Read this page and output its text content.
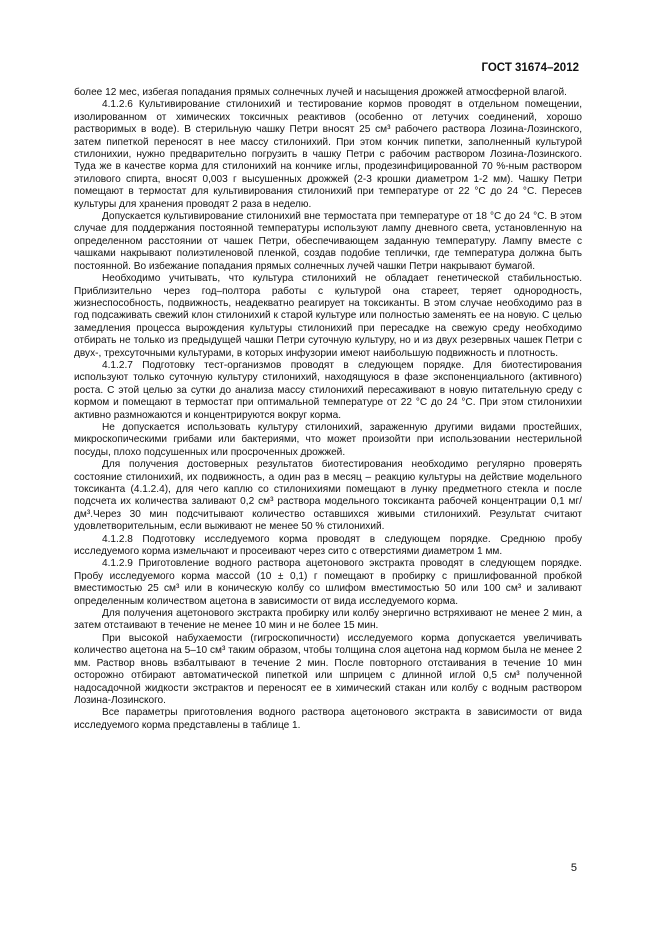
ГОСТ 31674–2012

более 12 мес, избегая попадания прямых солнечных лучей и насыщения дрожжей атмосферной влагой.

4.1.2.6 Культивирование стилонихий и тестирование кормов проводят в отдельном помещении, изолированном от химических токсичных реактивов (особенно от летучих соединений, хорошо растворимых в воде). В стерильную чашку Петри вносят 25 см³ рабочего раствора Лозина-Лозинского, затем пипеткой переносят в нее массу стилонихий. При этом кончик пипетки, заполненный культурой стилонихии, нужно предварительно погрузить в чашку Петри с рабочим раствором Лозина-Лозинского. Туда же в качестве корма для стилонихий на кончике иглы, продезинфицированной 70 %-ным раствором этилового спирта, вносят 0,003 г высушенных дрожжей (2-3 крошки диаметром 1-2 мм). Чашку Петри помещают в термостат для культивирования стилонихий при температуре от 22 °С до 24 °С. Пересев культуры для хранения проводят 2 раза в неделю.

Допускается культивирование стилонихий вне термостата при температуре от 18 °С до 24 °С. В этом случае для поддержания постоянной температуры используют лампу дневного света, установленную на определенном расстоянии от чашек Петри, обеспечивающем заданную температуру. Лампу вместе с чашками накрывают полиэтиленовой пленкой, создав подобие теплички, где температура должна быть постоянной. Во избежание попадания прямых солнечных лучей чашки Петри накрывают бумагой.

Необходимо учитывать, что культура стилонихий не обладает генетической стабильностью. Приблизительно через год–полтора работы с культурой она стареет, теряет однородность, жизнеспособность, подвижность, неадекватно реагирует на токсиканты. В этом случае необходимо раз в год подсаживать свежий клон стилонихий к старой культуре или полностью заменять ее на новую. С целью замедления процесса вырождения культуры стилонихий при пересадке на свежую среду необходимо отбирать не только из предыдущей чашки Петри суточную культуру, но и из двух резервных чашек Петри с двух-, трехсуточными культурами, в которых инфузории имеют наибольшую подвижность и плотность.

4.1.2.7 Подготовку тест-организмов проводят в следующем порядке. Для биотестирования используют только суточную культуру стилонихий, находящуюся в фазе экспоненциального (активного) роста. С этой целью за сутки до анализа массу стилонихий пересаживают в новую питательную среду с кормом и помещают в термостат при оптимальной температуре от 22 °С до 24 °С. При этом стилонихии активно размножаются и концентрируются вокруг корма.

Не допускается использовать культуру стилонихий, зараженную другими видами простейших, микроскопическими грибами или бактериями, что может произойти при использовании нестерильной посуды, плохо подсушенных или просроченных дрожжей.

Для получения достоверных результатов биотестирования необходимо регулярно проверять состояние стилонихий, их подвижность, а один раз в месяц – реакцию культуры на действие модельного токсиканта (4.1.2.4), для чего каплю со стилонихиями помещают в лунку предметного стекла и после подсчета их количества заливают 0,2 см³ раствора модельного токсиканта рабочей концентрации 0,1 мг/дм³.Через 30 мин подсчитывают количество оставшихся живыми стилонихий. Результат считают удовлетворительным, если выживают не менее 50 % стилонихий.

4.1.2.8 Подготовку исследуемого корма проводят в следующем порядке. Среднюю пробу исследуемого корма измельчают и просеивают через сито с отверстиями диаметром 1 мм.

4.1.2.9 Приготовление водного раствора ацетонового экстракта проводят в следующем порядке. Пробу исследуемого корма массой (10 ± 0,1) г помещают в пробирку с пришлифованной пробкой вместимостью 25 см³ или в коническую колбу со шлифом вместимостью 50 или 100 см³ и заливают определенным количеством ацетона в зависимости от вида исследуемого корма.

Для получения ацетонового экстракта пробирку или колбу энергично встряхивают не менее 2 мин, а затем отстаивают в течение не менее 10 мин и не более 15 мин.

При высокой набухаемости (гигроскопичности) исследуемого корма допускается увеличивать количество ацетона на 5–10 см³ таким образом, чтобы толщина слоя ацетона над кормом была не менее 2 мм. Раствор вновь взбалтывают в течение 2 мин. После повторного отстаивания в течение 10 мин осторожно отбирают автоматической пипеткой или шприцем с длинной иглой 0,5 см³ полученной надосадочной жидкости экстрактов и переносят ее в химический стакан или колбу с водным раствором Лозина-Лозинского.

Все параметры приготовления водного раствора ацетонового экстракта в зависимости от вида исследуемого корма представлены в таблице 1.

5
